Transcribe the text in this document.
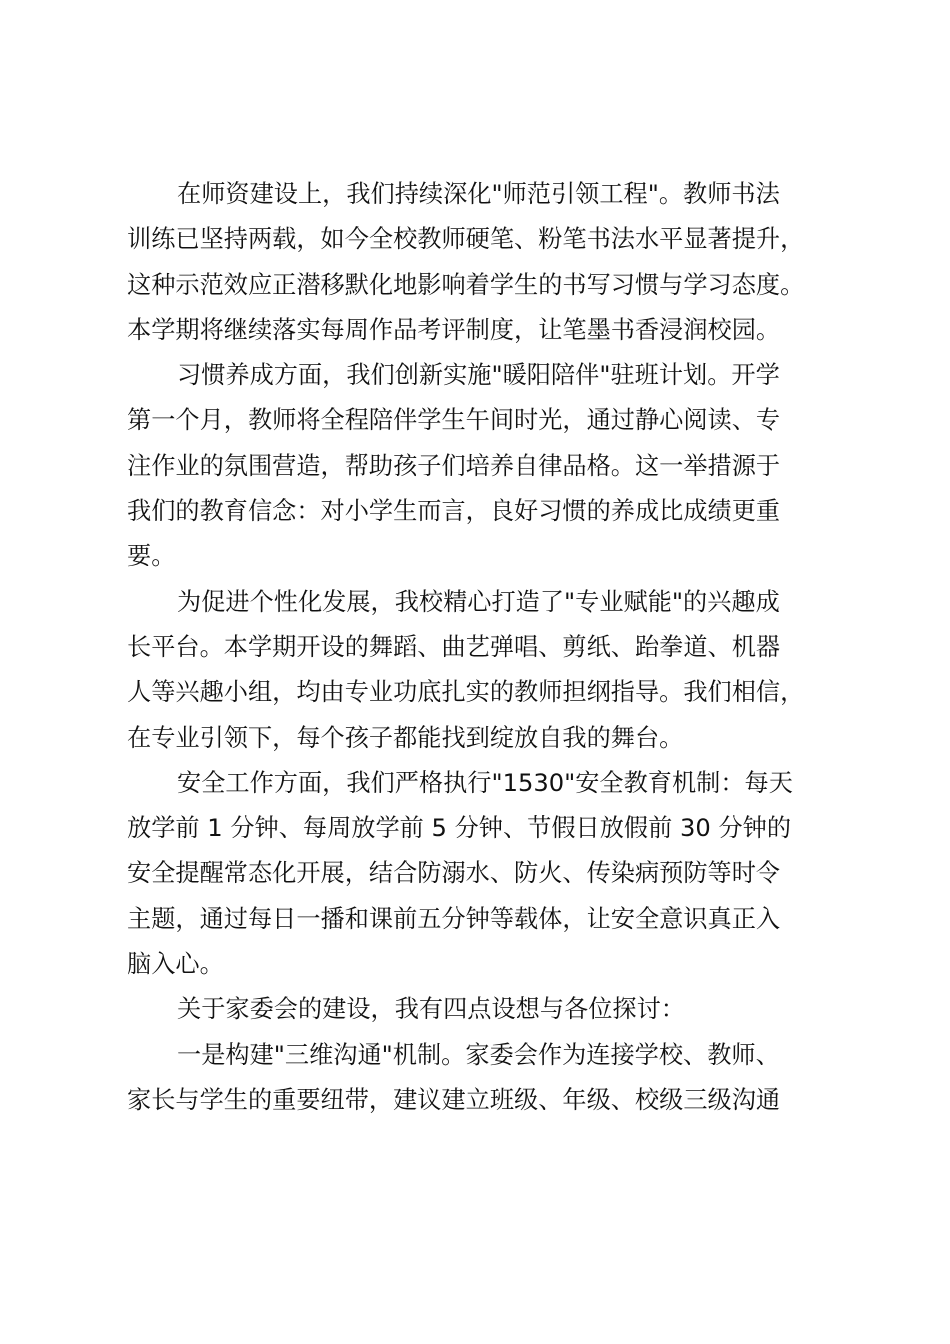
在师资建设上，我们持续深化"师范引领工程"。教师书法
训练已坚持两载，如今全校教师硬笔、粉笔书法水平显著提升，
这种示范效应正潜移默化地影响着学生的书写习惯与学习态度。
本学期将继续落实每周作品考评制度，让笔墨书香浸润校园。
习惯养成方面，我们创新实施"暖阳陪伴"驻班计划。开学
第一个月，教师将全程陪伴学生午间时光，通过静心阅读、专
注作业的氛围营造，帮助孩子们培养自律品格。这一举措源于
我们的教育信念：对小学生而言，良好习惯的养成比成绩更重
要。
为促进个性化发展，我校精心打造了"专业赋能"的兴趣成
长平台。本学期开设的舞蹈、曲艺弹唱、剪纸、跆拳道、机器
人等兴趣小组，均由专业功底扎实的教师担纲指导。我们相信，
在专业引领下，每个孩子都能找到绽放自我的舞台。
安全工作方面，我们严格执行"1530"安全教育机制：每天
放学前 1 分钟、每周放学前 5 分钟、节假日放假前 30 分钟的
安全提醒常态化开展，结合防溺水、防火、传染病预防等时令
主题，通过每日一播和课前五分钟等载体，让安全意识真正入
脑入心。
关于家委会的建设，我有四点设想与各位探讨：
一是构建"三维沟通"机制。家委会作为连接学校、教师、
家长与学生的重要纽带，建议建立班级、年级、校级三级沟通
